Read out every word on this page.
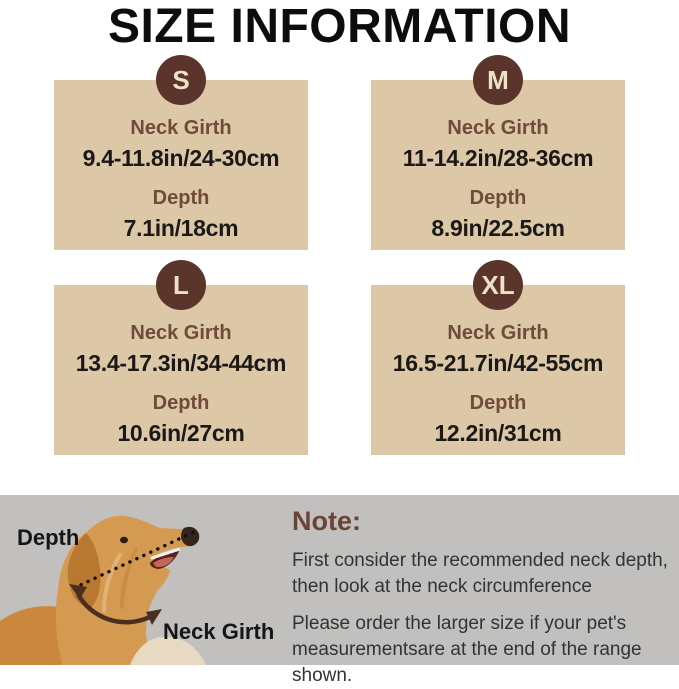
SIZE INFORMATION
S
Neck Girth
9.4-11.8in/24-30cm
Depth
7.1in/18cm
M
Neck Girth
11-14.2in/28-36cm
Depth
8.9in/22.5cm
L
Neck Girth
13.4-17.3in/34-44cm
Depth
10.6in/27cm
XL
Neck Girth
16.5-21.7in/42-55cm
Depth
12.2in/31cm
Depth
Neck Girth
Note:
First consider the recommended neck depth,
then look at the neck circumference
Please order the larger size if your pet's
measurementsare at the end of the range
shown.
